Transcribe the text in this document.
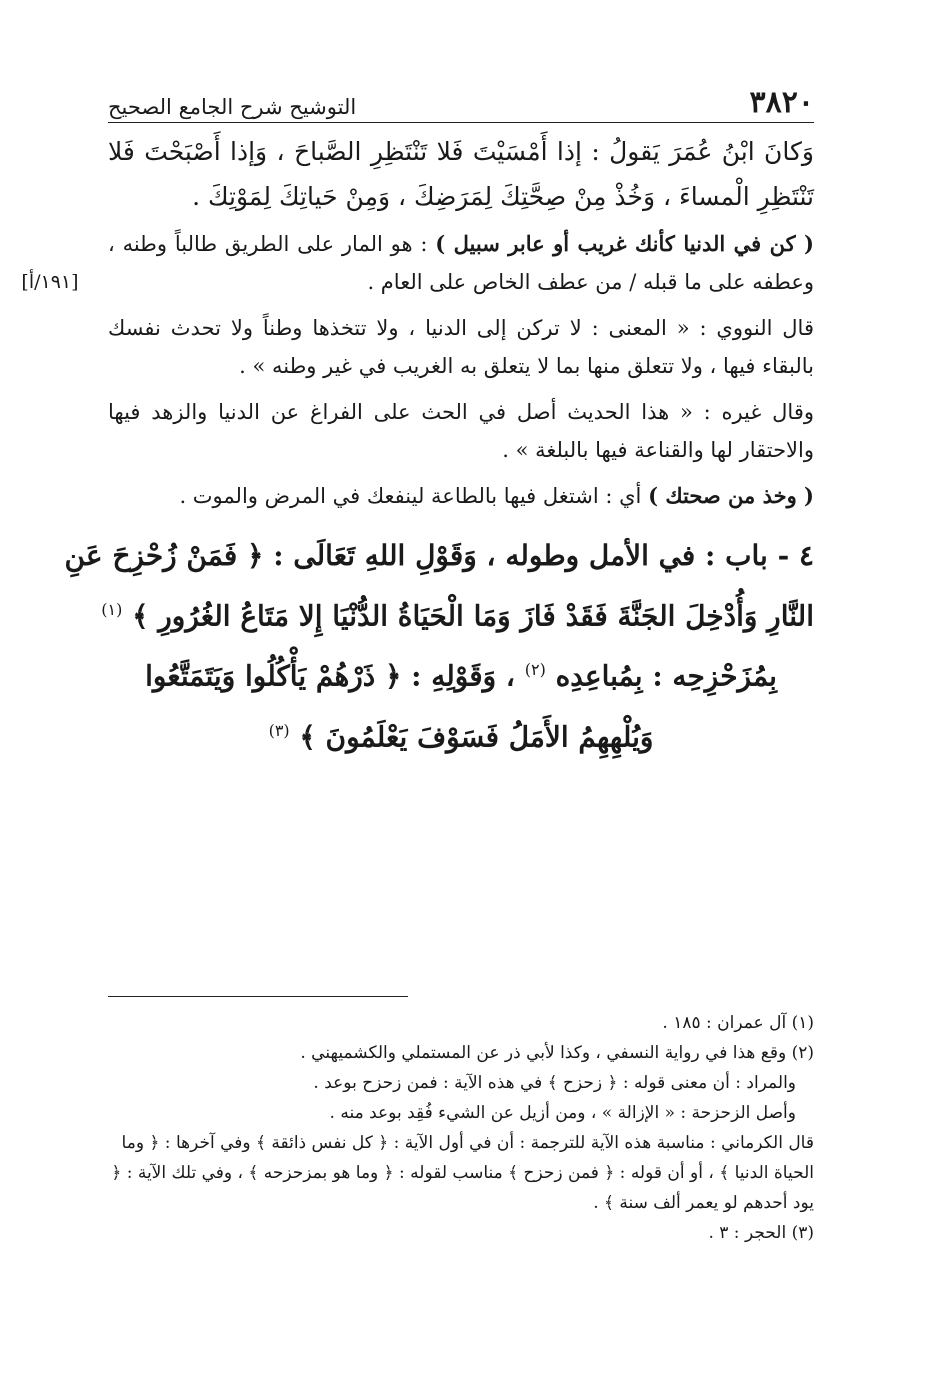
٣٨٢٠
التوشيح شرح الجامع الصحيح

وَكانَ ابْنُ عُمَرَ يَقولُ : إذا أَمْسَيْتَ فَلا تَنْتَظِرِ الصَّباحَ ، وَإذا أَصْبَحْتَ فَلا تَنْتَظِرِ الْمساءَ ، وَخُذْ مِنْ صِحَّتِكَ لِمَرَضِكَ ، وَمِنْ حَياتِكَ لِمَوْتِكَ .

( كن في الدنيا كأنك غريب أو عابر سبيل ) : هو المار على الطريق طالباً وطنه ، وعطفه على ما قبله / من عطف الخاص على العام .
[١٩١/أ]

قال النووي : « المعنى : لا تركن إلى الدنيا ، ولا تتخذها وطناً ولا تحدث نفسك بالبقاء فيها ، ولا تتعلق منها بما لا يتعلق به الغريب في غير وطنه » .

وقال غيره : « هذا الحديث أصل في الحث على الفراغ عن الدنيا والزهد فيها والاحتقار لها والقناعة فيها بالبلغة » .

( وخذ من صحتك ) أي : اشتغل فيها بالطاعة لينفعك في المرض والموت .

٤ - باب : في الأمل وطوله ، وَقَوْلِ اللهِ تَعَالَى : ﴿ فَمَنْ زُحْزِحَ عَنِ
النَّارِ وَأُدْخِلَ الجَنَّةَ فَقَدْ فَازَ وَمَا الْحَيَاةُ الدُّنْيَا إِلا مَتَاعُ الغُرُورِ ﴾ $^{(١)}$
بِمُزَحْزِحِه : بِمُباعِدِه $^{(٢)}$ ، وَقَوْلِهِ : ﴿ ذَرْهُمْ يَأْكُلُوا وَيَتَمَتَّعُوا
وَيُلْهِهِمُ الأَمَلُ فَسَوْفَ يَعْلَمُونَ ﴾ $^{(٣)}$

(١) آل عمران : ١٨٥ .

(٢) وقع هذا في رواية النسفي ، وكذا لأبي ذر عن المستملي والكشميهني .

والمراد : أن معنى قوله : ﴿ زحزح ﴾ في هذه الآية : فمن زحزح بوعد .

وأصل الزحزحة : « الإزالة » ، ومن أزيل عن الشيء فُقِد بوعد منه .

قال الكرماني : مناسبة هذه الآية للترجمة : أن في أول الآية : ﴿ كل نفس ذائقة ﴾ وفي آخرها : ﴿ وما الحياة الدنيا ﴾ ، أو أن قوله : ﴿ فمن زحزح ﴾ مناسب لقوله : ﴿ وما هو بمزحزحه ﴾ ، وفي تلك الآية : ﴿ يود أحدهم لو يعمر ألف سنة ﴾ .

(٣) الحجر : ٣ .
